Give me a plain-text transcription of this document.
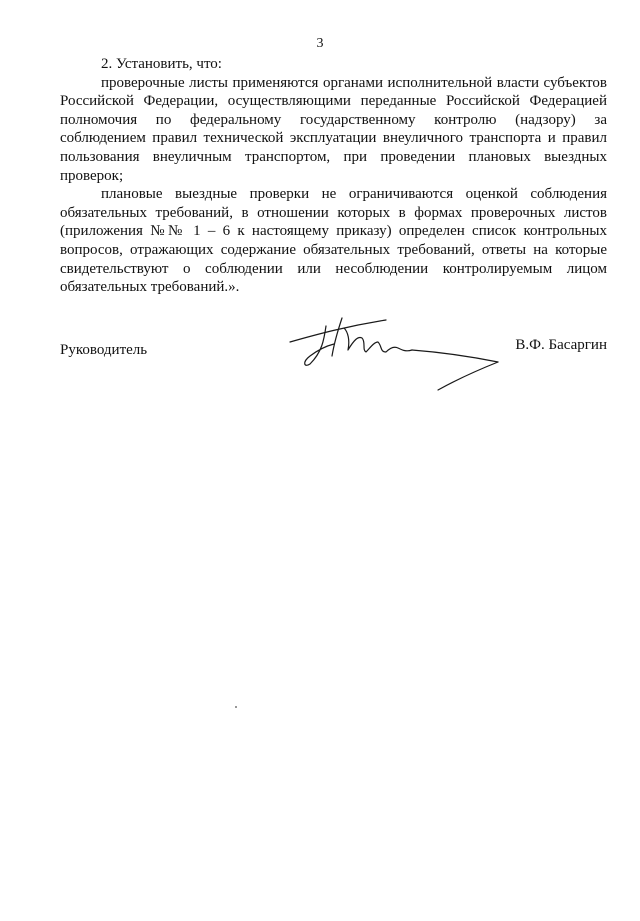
3

2. Установить, что:

проверочные листы применяются органами исполнительной власти субъектов Российской Федерации, осуществляющими переданные Российской Федерацией полномочия по федеральному государственному контролю (надзору) за соблюдением правил технической эксплуатации внеуличного транспорта и правил пользования внеуличным транспортом, при проведении плановых выездных проверок;

плановые выездные проверки не ограничиваются оценкой соблюдения обязательных требований, в отношении которых в формах проверочных листов (приложения №№ 1 – 6 к настоящему приказу) определен список контрольных вопросов, отражающих содержание обязательных требований, ответы на которые свидетельствуют о соблюдении или несоблюдении контролируемым лицом обязательных требований.».

Руководитель	В.Ф. Басаргин
